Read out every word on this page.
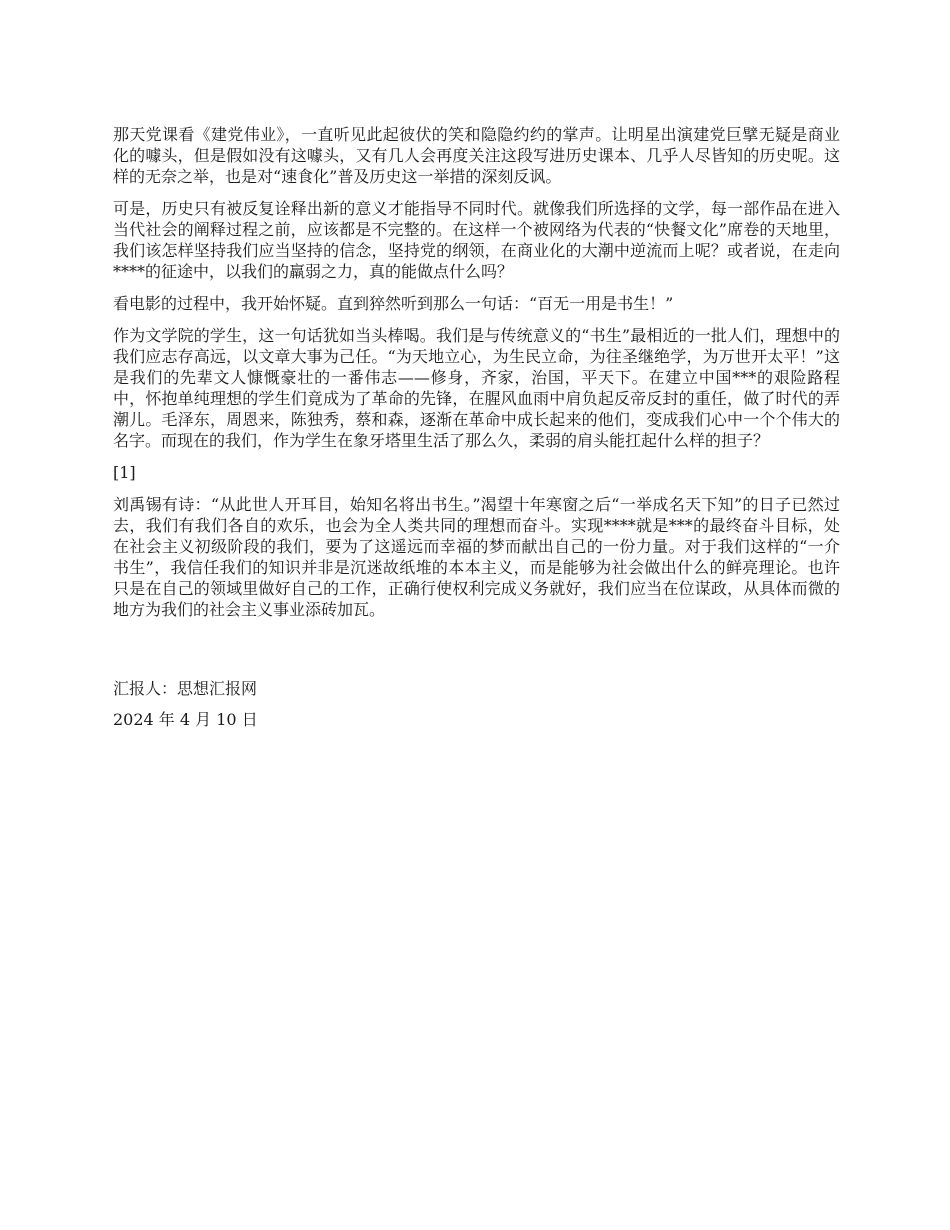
那天党课看《建党伟业》，一直听见此起彼伏的笑和隐隐约约的掌声。让明星出演建党巨擘无疑是商业化的噱头，但是假如没有这噱头，又有几人会再度关注这段写进历史课本、几乎人尽皆知的历史呢。这样的无奈之举，也是对“速食化”普及历史这一举措的深刻反讽。

可是，历史只有被反复诠释出新的意义才能指导不同时代。就像我们所选择的文学，每一部作品在进入当代社会的阐释过程之前，应该都是不完整的。在这样一个被网络为代表的“快餐文化”席卷的天地里，我们该怎样坚持我们应当坚持的信念，坚持党的纲领，在商业化的大潮中逆流而上呢？或者说，在走向****的征途中，以我们的羸弱之力，真的能做点什么吗？

看电影的过程中，我开始怀疑。直到猝然听到那么一句话：“百无一用是书生！”

作为文学院的学生，这一句话犹如当头棒喝。我们是与传统意义的“书生”最相近的一批人们，理想中的我们应志存高远，以文章大事为己任。“为天地立心，为生民立命，为往圣继绝学，为万世开太平！”这是我们的先辈文人慷慨豪壮的一番伟志——修身，齐家，治国，平天下。在建立中国***的艰险路程中，怀抱单纯理想的学生们竟成为了革命的先锋，在腥风血雨中肩负起反帝反封的重任，做了时代的弄潮儿。毛泽东，周恩来，陈独秀，蔡和森，逐渐在革命中成长起来的他们，变成我们心中一个个伟大的名字。而现在的我们，作为学生在象牙塔里生活了那么久，柔弱的肩头能扛起什么样的担子？

[1]

刘禹锡有诗：“从此世人开耳目，始知名将出书生。”渴望十年寒窗之后“一举成名天下知”的日子已然过去，我们有我们各自的欢乐，也会为全人类共同的理想而奋斗。实现****就是***的最终奋斗目标，处在社会主义初级阶段的我们，要为了这遥远而幸福的梦而献出自己的一份力量。对于我们这样的“一介书生”，我信任我们的知识并非是沉迷故纸堆的本本主义，而是能够为社会做出什么的鲜亮理论。也许只是在自己的领域里做好自己的工作，正确行使权利完成义务就好，我们应当在位谋政，从具体而微的地方为我们的社会主义事业添砖加瓦。

汇报人：思想汇报网

2024 年 4 月 10 日
